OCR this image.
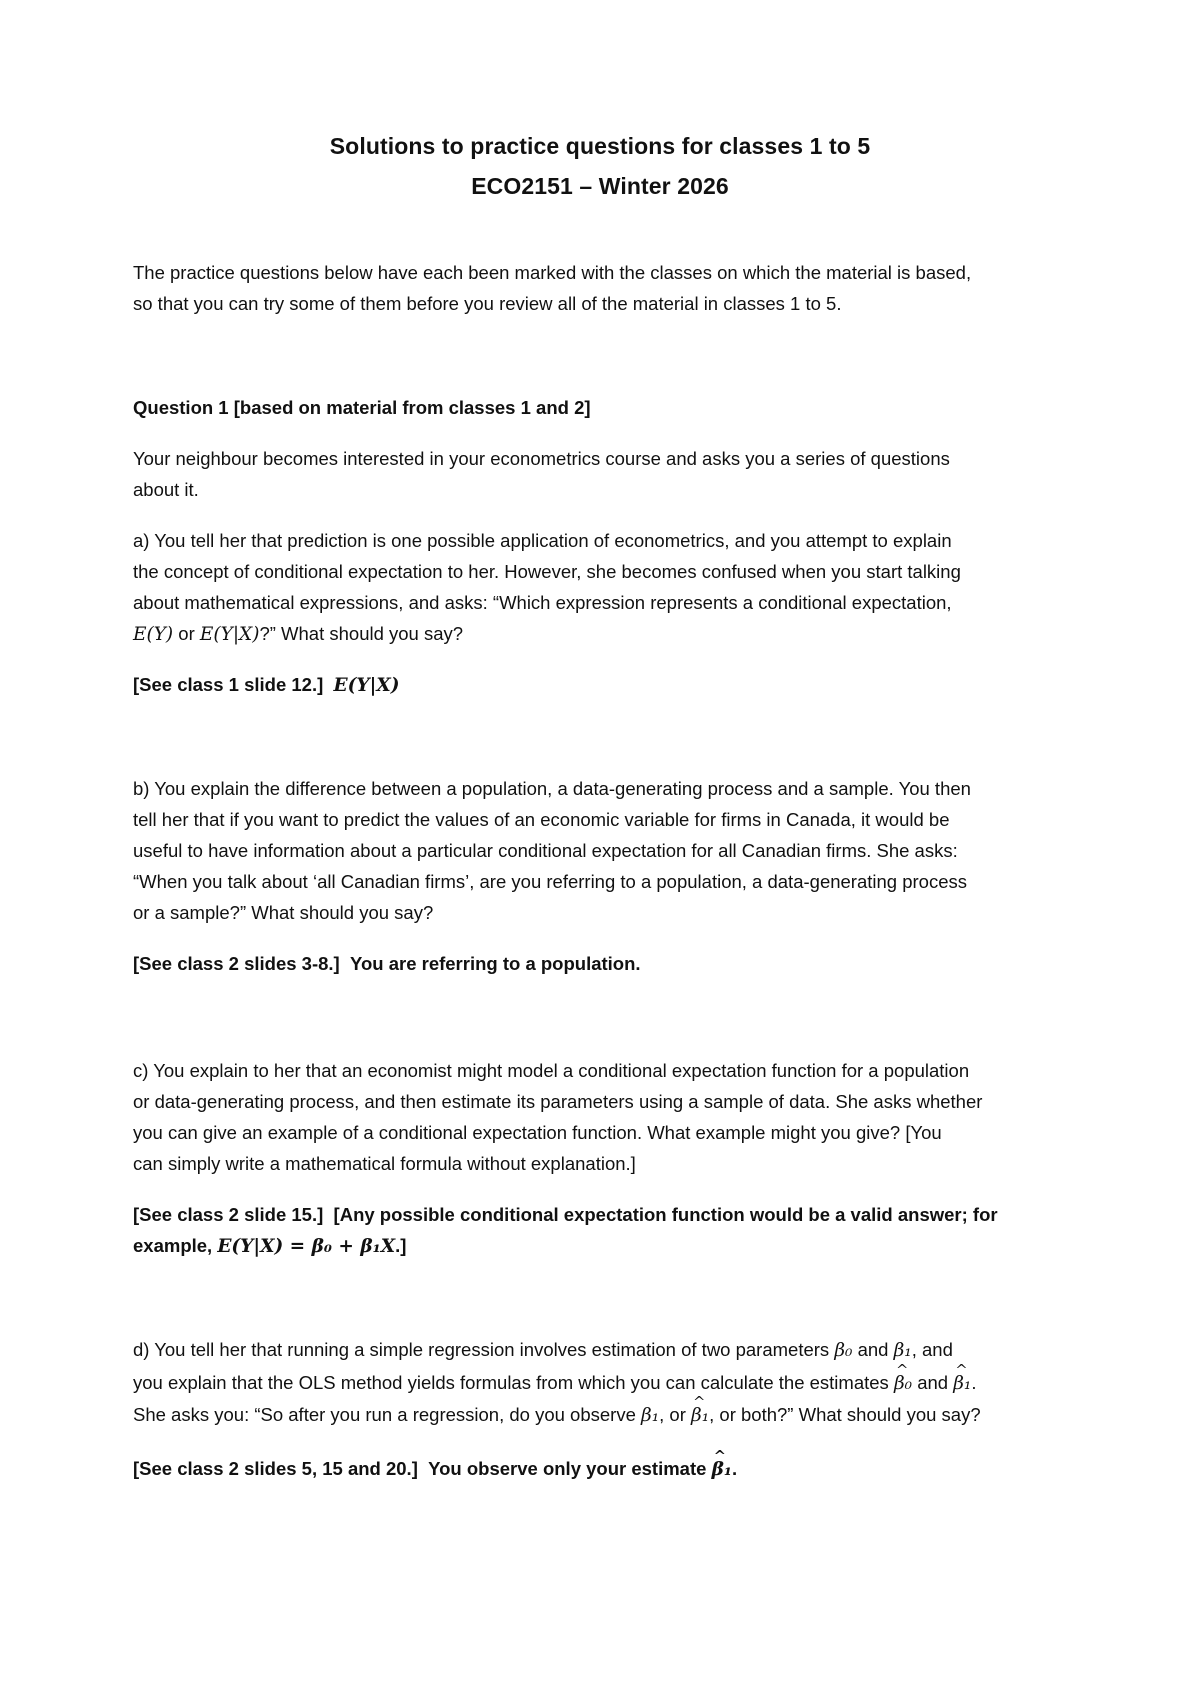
Solutions to practice questions for classes 1 to 5
ECO2151 – Winter 2026
The practice questions below have each been marked with the classes on which the material is based,
so that you can try some of them before you review all of the material in classes 1 to 5.
Question 1 [based on material from classes 1 and 2]
Your neighbour becomes interested in your econometrics course and asks you a series of questions
about it.
a) You tell her that prediction is one possible application of econometrics, and you attempt to explain
the concept of conditional expectation to her. However, she becomes confused when you start talking
about mathematical expressions, and asks: “Which expression represents a conditional expectation,
E(Y) or E(Y|X)?” What should you say?
[See class 1 slide 12.] E(Y|X)
b) You explain the difference between a population, a data-generating process and a sample. You then
tell her that if you want to predict the values of an economic variable for firms in Canada, it would be
useful to have information about a particular conditional expectation for all Canadian firms. She asks:
“When you talk about ‘all Canadian firms’, are you referring to a population, a data-generating process
or a sample?” What should you say?
[See class 2 slides 3-8.] You are referring to a population.
c) You explain to her that an economist might model a conditional expectation function for a population
or data-generating process, and then estimate its parameters using a sample of data. She asks whether
you can give an example of a conditional expectation function. What example might you give? [You
can simply write a mathematical formula without explanation.]
[See class 2 slide 15.] [Any possible conditional expectation function would be a valid answer; for
example, E(Y|X) = β₀ + β₁X.]
d) You tell her that running a simple regression involves estimation of two parameters β₀ and β₁, and
you explain that the OLS method yields formulas from which you can calculate the estimates ^ β₀ and ^ β₁.
She asks you: “So after you run a regression, do you observe β₁, or ^ β₁, or both?” What should you say?
[See class 2 slides 5, 15 and 20.] You observe only your estimate ^ β₁.
